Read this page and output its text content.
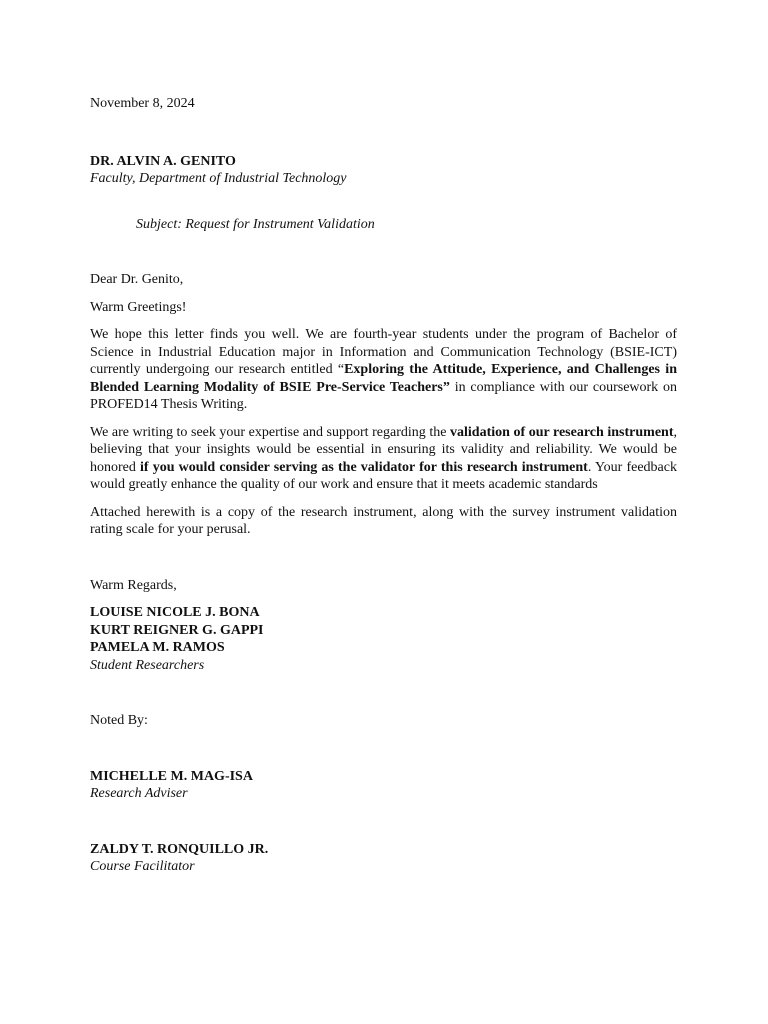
November 8, 2024
DR. ALVIN A. GENITO
Faculty, Department of Industrial Technology
Subject: Request for Instrument Validation
Dear Dr. Genito,
Warm Greetings!

We hope this letter finds you well. We are fourth-year students under the program of Bachelor of Science in Industrial Education major in Information and Communication Technology (BSIE-ICT) currently undergoing our research entitled “Exploring the Attitude, Experience, and Challenges in Blended Learning Modality of BSIE Pre-Service Teachers” in compliance with our coursework on PROFED14 Thesis Writing.

We are writing to seek your expertise and support regarding the validation of our research instrument, believing that your insights would be essential in ensuring its validity and reliability. We would be honored if you would consider serving as the validator for this research instrument. Your feedback would greatly enhance the quality of our work and ensure that it meets academic standards

Attached herewith is a copy of the research instrument, along with the survey instrument validation rating scale for your perusal.

Warm Regards,
LOUISE NICOLE J. BONA
KURT REIGNER G. GAPPI
PAMELA M. RAMOS
Student Researchers
Noted By:
MICHELLE M. MAG-ISA
Research Adviser
ZALDY T. RONQUILLO JR.
Course Facilitator
